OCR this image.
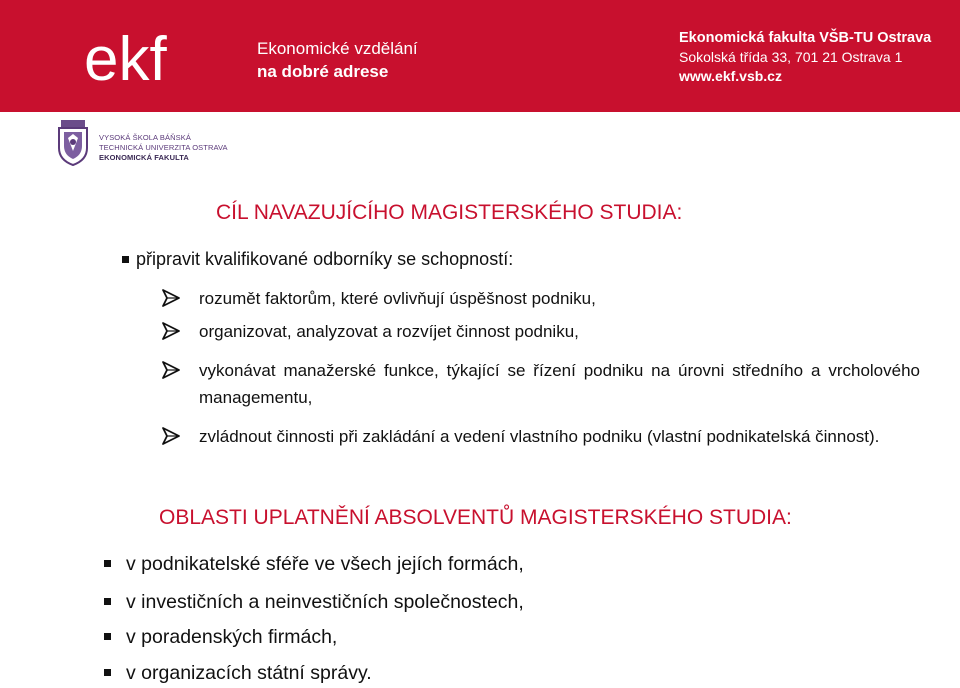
ekf	Ekonomické vzdělání
na dobré adrese
Ekonomická fakulta VŠB-TU Ostrava
Sokolská třída 33, 701 21 Ostrava 1
www.ekf.vsb.cz
VYSOKÁ ŠKOLA BÁŇSKÁ
TECHNICKÁ UNIVERZITA OSTRAVA
EKONOMICKÁ FAKULTA
CÍL NAVAZUJÍCÍHO MAGISTERSKÉHO STUDIA:
připravit kvalifikované odborníky se schopností:
rozumět faktorům, které ovlivňují úspěšnost podniku,
organizovat, analyzovat a rozvíjet činnost podniku,
vykonávat manažerské funkce, týkající se řízení podniku na úrovni středního a vrcholového managementu,
zvládnout činnosti při zakládání a vedení vlastního podniku (vlastní podnikatelská činnost).
OBLASTI UPLATNĚNÍ ABSOLVENTŮ MAGISTERSKÉHO STUDIA:
v podnikatelské sféře ve všech jejích formách,
v investičních a neinvestičních společnostech,
v poradenských firmách,
v organizacích státní správy.
